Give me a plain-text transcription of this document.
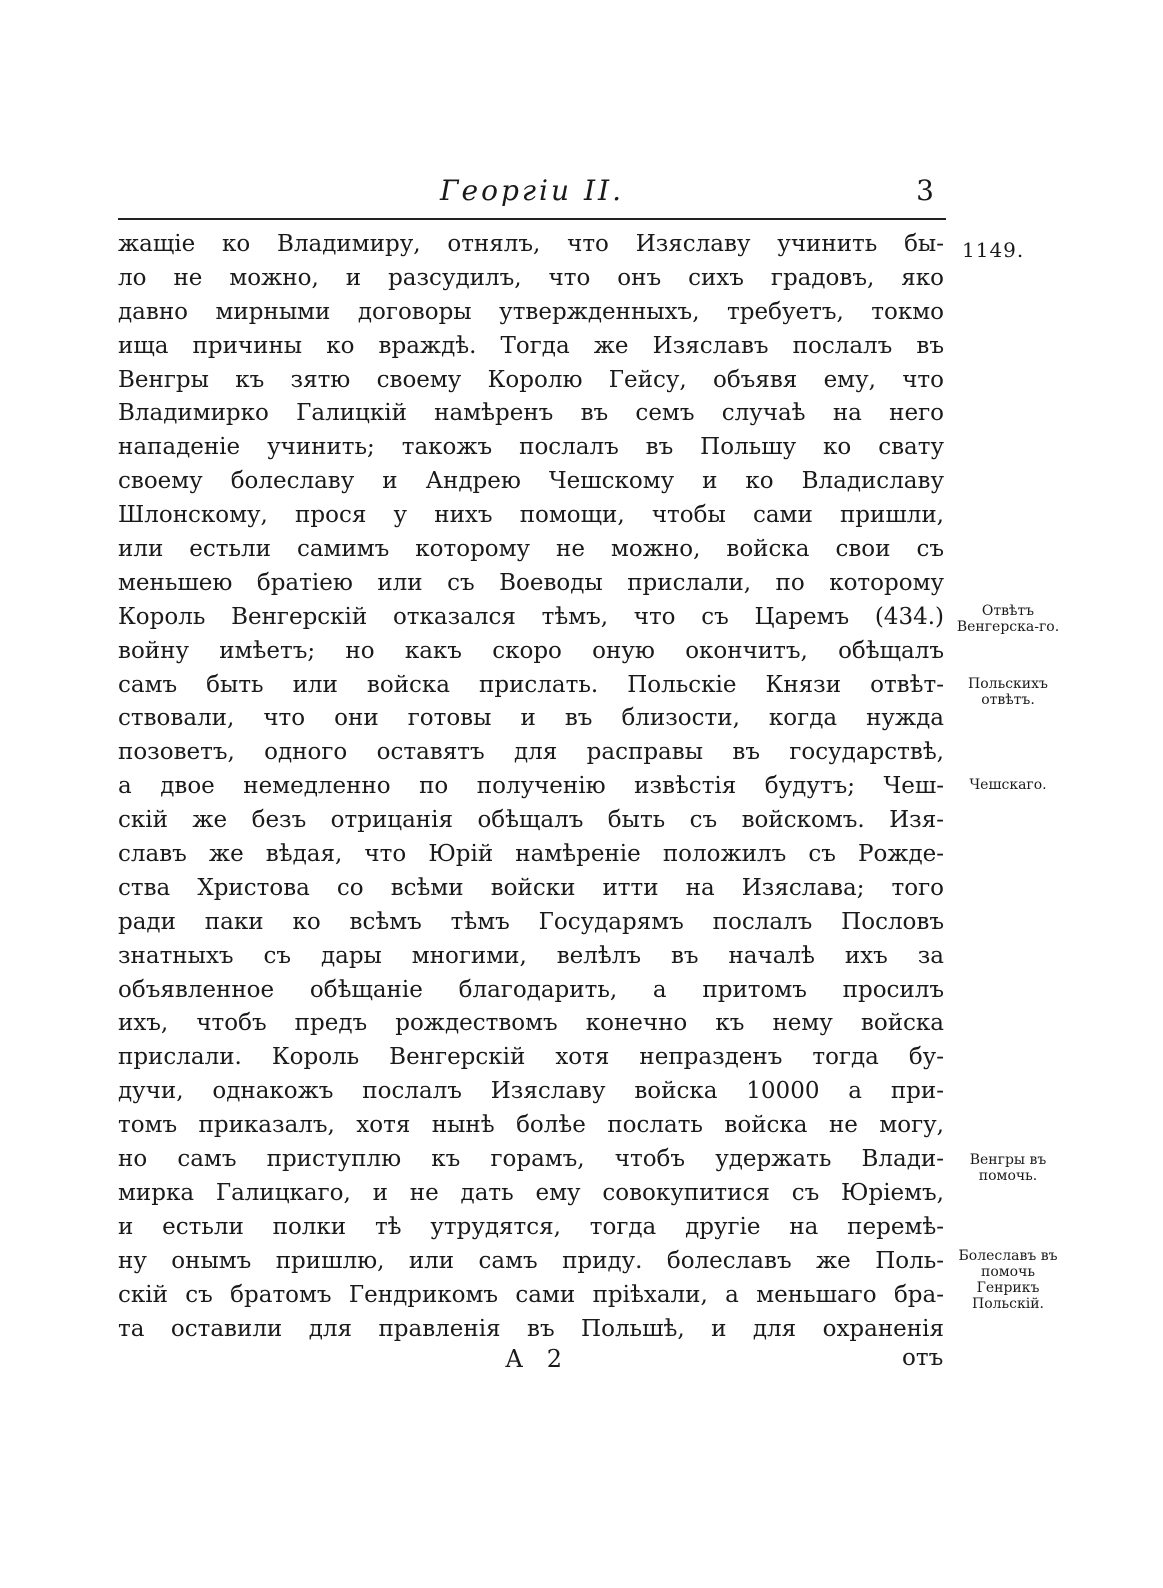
Георгiи II.	3
1149.
жащiе ко Владимиру, отнялъ, что Изяславу учинить бы-
ло не можно, и разсудилъ, что онъ сихъ градовъ, яко
давно мирными договоры утвержденныхъ, требуетъ, токмо
ища причины ко враждѣ. Тогда же Изяславъ послалъ въ
Венгры къ зятю своему Королю Гейсу, объявя ему, что
Владимирко Галицкiй намѣренъ въ семъ случаѣ на него
нападенiе учинить; такожъ послалъ въ Польшу ко свату
своему болеславу и Андрею Чешскому и ко Владиславу
Шлонскому, прося у нихъ помощи, чтобы сами пришли,
или естьли самимъ которому не можно, войска свои съ
меньшею братiею или съ Воеводы прислали, по которому
Король Венгерскiй отказался тѣмъ, что съ Царемъ (434.)
войну имѣетъ; но какъ скоро оную окончитъ, обѣщалъ
самъ быть или войска прислать. Польскiе Князи отвѣт-
ствовали, что они готовы и въ близости, когда нужда
позоветъ, одного оставятъ для расправы въ государствѣ,
а двое немедленно по полученiю извѣстiя будутъ; Чеш-
скiй же безъ отрицанiя обѣщалъ быть съ войскомъ. Изя-
славъ же вѣдая, что Юрiй намѣренiе положилъ съ Рожде-
ства Христова со всѣми войски итти на Изяслава; того
ради паки ко всѣмъ тѣмъ Государямъ послалъ Пословъ
знатныхъ съ дары многими, велѣлъ въ началѣ ихъ за
объявленное обѣщанiе благодарить, а притомъ просилъ
ихъ, чтобъ предъ рождествомъ конечно къ нему войска
прислали. Король Венгерскiй хотя непразденъ тогда бу-
дучи, однакожъ послалъ Изяславу войска 10000 а при-
томъ приказалъ, хотя нынѣ болѣе послать войска не могу,
но самъ приступлю къ горамъ, чтобъ удержать Влади-
мирка Галицкаго, и не дать ему совокупитися съ Юрiемъ,
и естьли полки тѣ утрудятся, тогда другiе на перемѣ-
ну онымъ пришлю, или самъ приду. болеславъ же Поль-
скiй съ братомъ Гендрикомъ сами прiѣхали, а меньшаго бра-
та оставили для правленiя въ Польшѣ, и для охраненiя
Отвѣтъ Венгерска-го.
Польскихъ отвѣтъ.
Чешскаго.
Венгры въ помочь.
Болеславъ въ помочь Генрикъ Польскiй.
А 2	отъ
